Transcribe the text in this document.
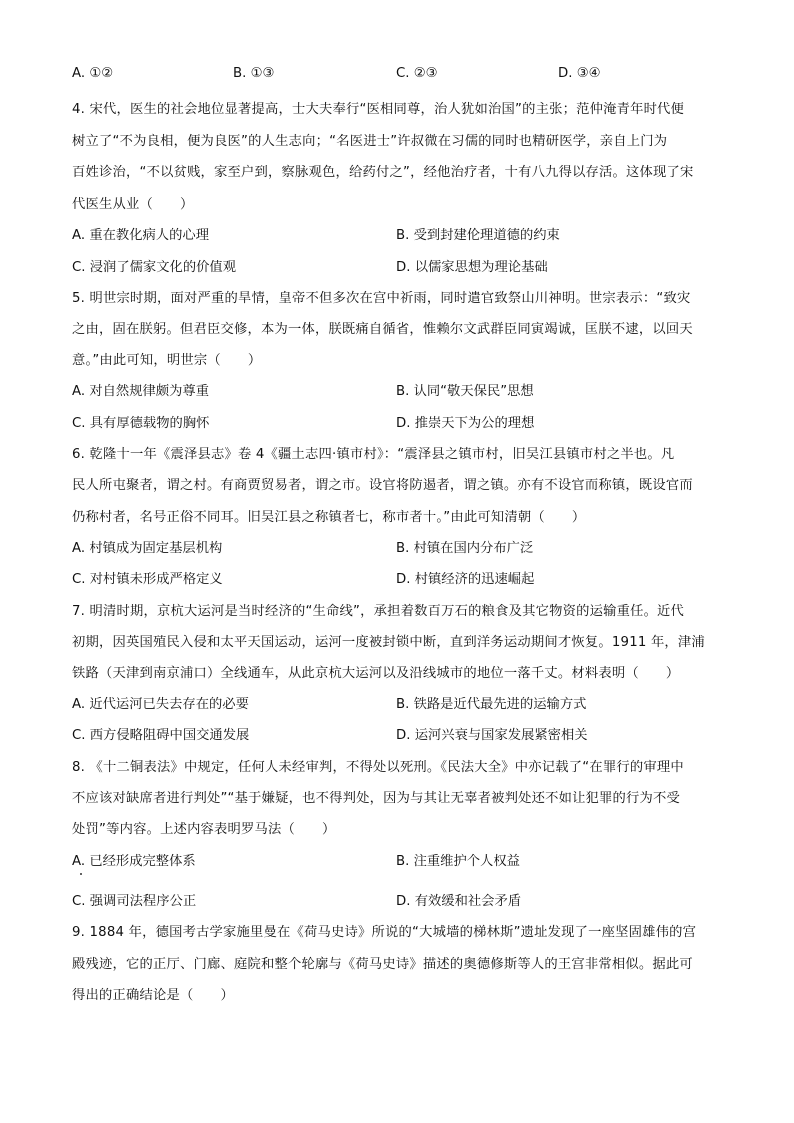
A. ①②	B. ①③	C. ②③	D. ③④
4. 宋代，医生的社会地位显著提高，士大夫奉行“医相同尊，治人犹如治国”的主张；范仲淹青年时代便
树立了“不为良相，便为良医”的人生志向；“名医进士”许叔微在习儒的同时也精研医学，亲自上门为
百姓诊治，“不以贫贱，家至户到，察脉观色，给药付之”，经他治疗者，十有八九得以存活。这体现了宋
代医生从业（　　）
A. 重在教化病人的心理	B. 受到封建伦理道德的约束
C. 浸润了儒家文化的价值观	D. 以儒家思想为理论基础
5. 明世宗时期，面对严重的旱情，皇帝不但多次在宫中祈雨，同时遣官致祭山川神明。世宗表示：“致灾
之由，固在朕躬。但君臣交修，本为一体，朕既痛自循省，惟赖尔文武群臣同寅竭诚，匡朕不逮，以回天
意。”由此可知，明世宗（　　）
A. 对自然规律颇为尊重	B. 认同“敬天保民”思想
C. 具有厚德载物的胸怀	D. 推崇天下为公的理想
6. 乾隆十一年《震泽县志》卷 4《疆土志四·镇市村》：“震泽县之镇市村，旧吴江县镇市村之半也。凡
民人所屯聚者，谓之村。有商贾贸易者，谓之市。设官将防遏者，谓之镇。亦有不设官而称镇，既设官而
仍称村者，名号正俗不同耳。旧吴江县之称镇者七，称市者十。”由此可知清朝（　　）
A. 村镇成为固定基层机构	B. 村镇在国内分布广泛
C. 对村镇未形成严格定义	D. 村镇经济的迅速崛起
7. 明清时期，京杭大运河是当时经济的“生命线”，承担着数百万石的粮食及其它物资的运输重任。近代
初期，因英国殖民入侵和太平天国运动，运河一度被封锁中断，直到洋务运动期间才恢复。1911 年，津浦
铁路（天津到南京浦口）全线通车，从此京杭大运河以及沿线城市的地位一落千丈。材料表明（　　）
A. 近代运河已失去存在的必要	B. 铁路是近代最先进的运输方式
C. 西方侵略阻碍中国交通发展	D. 运河兴衰与国家发展紧密相关
8. 《十二铜表法》中规定，任何人未经审判，不得处以死刑。《民法大全》中亦记载了“在罪行的审理中
不应该对缺席者进行判处”“基于嫌疑，也不得判处，因为与其让无辜者被判处还不如让犯罪的行为不受
处罚”等内容。上述内容表明罗马法（　　）
A. 已经形成完整体系	B. 注重维护个人权益
C. 强调司法程序公正	D. 有效缓和社会矛盾
9. 1884 年，德国考古学家施里曼在《荷马史诗》所说的“大城墙的梯林斯”遗址发现了一座坚固雄伟的宫
殿残迹，它的正厅、门廊、庭院和整个轮廓与《荷马史诗》描述的奥德修斯等人的王宫非常相似。据此可
得出的正确结论是（　　）
